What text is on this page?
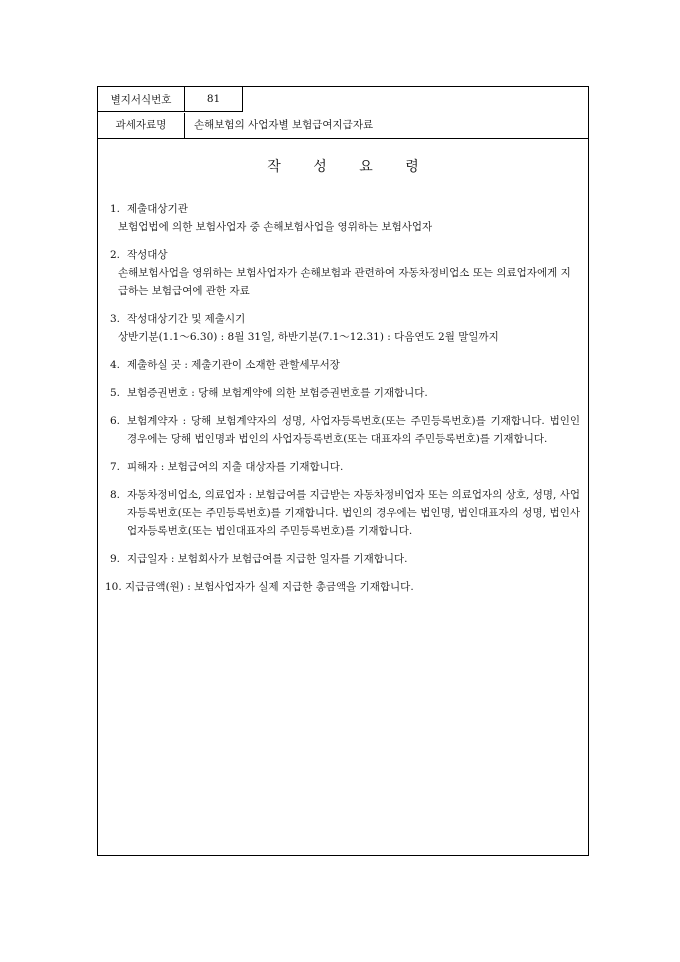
별지서식번호	81
과세자료명	손해보험의 사업자별 보험급여지급자료
작 성 요 령
1. 제출대상기관
보험업법에 의한 보험사업자 중 손해보험사업을 영위하는 보험사업자
2. 작성대상
손해보험사업을 영위하는 보험사업자가 손해보험과 관련하여 자동차정비업소 또는 의료업자에게 지급하는 보험급여에 관한 자료
3. 작성대상기간 및 제출시기
상반기분(1.1～6.30) : 8월 31일, 하반기분(7.1～12.31) : 다음연도 2월 말일까지
4. 제출하실 곳 : 제출기관이 소재한 관할세무서장
5. 보험증권번호 : 당해 보험계약에 의한 보험증권번호를 기재합니다.
6. 보험계약자 : 당해 보험계약자의 성명, 사업자등록번호(또는 주민등록번호)를 기재합니다. 법인인 경우에는 당해 법인명과 법인의 사업자등록번호(또는 대표자의 주민등록번호)를 기재합니다.
7. 피해자 : 보험급여의 지출 대상자를 기재합니다.
8. 자동차정비업소, 의료업자 : 보험급여를 지급받는 자동차정비업자 또는 의료업자의 상호, 성명, 사업자등록번호(또는 주민등록번호)를 기재합니다. 법인의 경우에는 법인명, 법인대표자의 성명, 법인사업자등록번호(또는 법인대표자의 주민등록번호)를 기재합니다.
9. 지급일자 : 보험회사가 보험급여를 지급한 일자를 기재합니다.
10. 지급금액(원) : 보험사업자가 실제 지급한 총금액을 기재합니다.
